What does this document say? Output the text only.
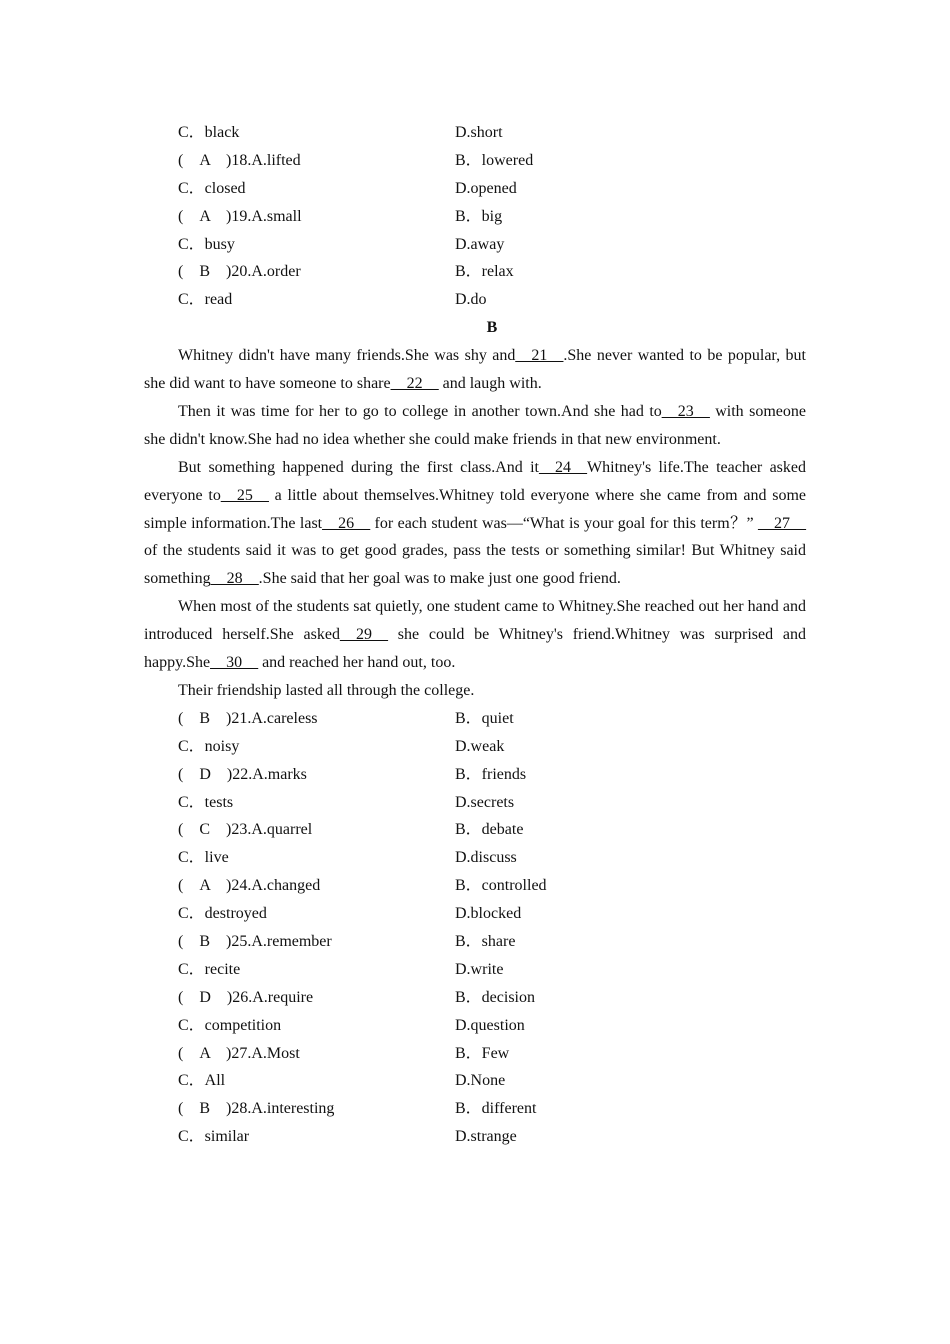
C．black	D.short
(　A　)18.A.lifted	B．lowered
C．closed	D.opened
(　A　)19.A.small	B．big
C．busy	D.away
(　B　)20.A.order	B．relax
C．read	D.do
B

Whitney didn't have many friends.She was shy and__21__.She never wanted to be popular, but she did want to have someone to share__22__ and laugh with.

Then it was time for her to go to college in another town.And she had to__23__ with someone she didn't know.She had no idea whether she could make friends in that new environment.

But something happened during the first class.And it__24__Whitney's life.The teacher asked everyone to__25__ a little about themselves.Whitney told everyone where she came from and some simple information.The last__26__ for each student was—“What is your goal for this term？” __27__ of the students said it was to get good grades, pass the tests or something similar! But Whitney said something__28__.She said that her goal was to make just one good friend.

When most of the students sat quietly, one student came to Whitney.She reached out her hand and introduced herself.She asked__29__ she could be Whitney's friend.Whitney was surprised and happy.She__30__ and reached her hand out, too.

Their friendship lasted all through the college.

(　B　)21.A.careless	B．quiet
C．noisy	D.weak
(　D　)22.A.marks	B．friends
C．tests	D.secrets
(　C　)23.A.quarrel	B．debate
C．live	D.discuss
(　A　)24.A.changed	B．controlled
C．destroyed	D.blocked
(　B　)25.A.remember	B．share
C．recite	D.write
(　D　)26.A.require	B．decision
C．competition	D.question
(　A　)27.A.Most	B．Few
C．All	D.None
(　B　)28.A.interesting	B．different
C．similar	D.strange
